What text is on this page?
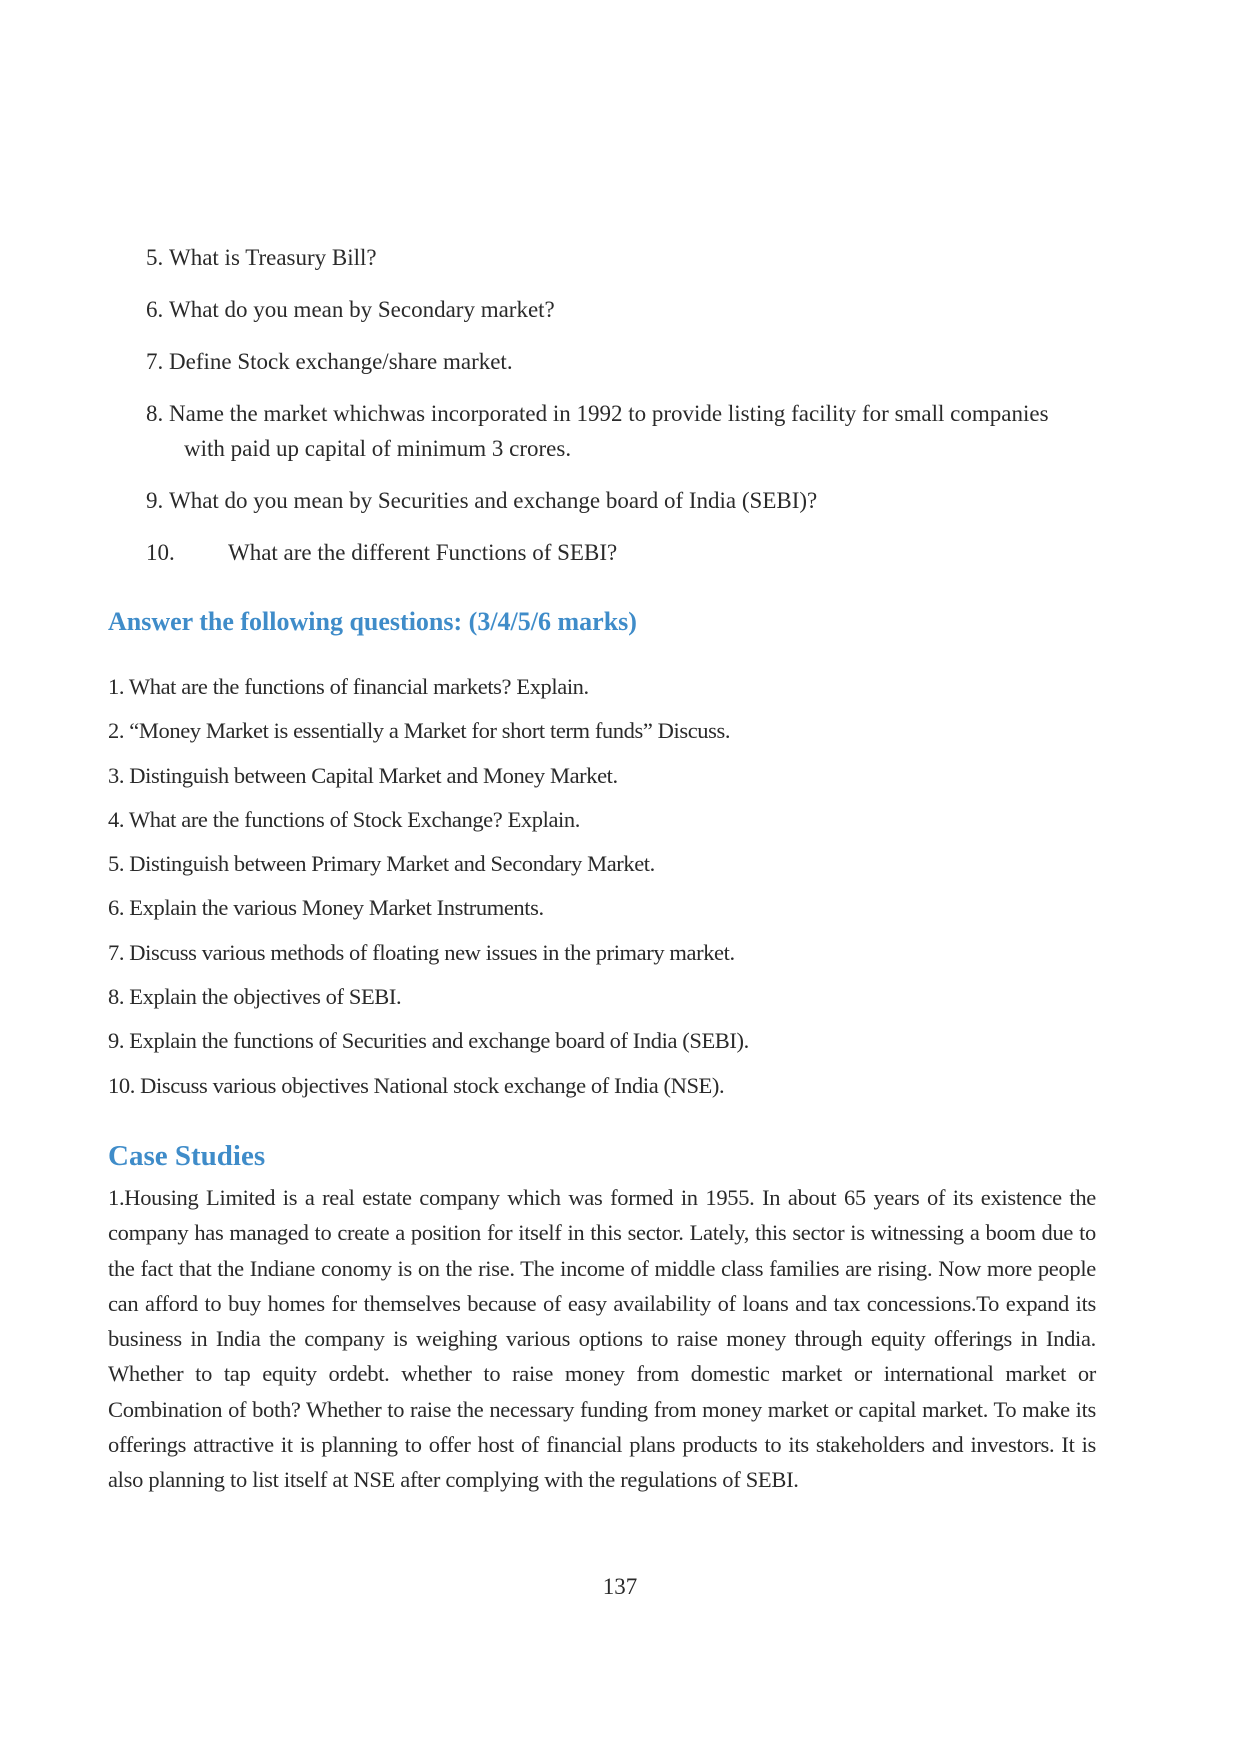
5. What is Treasury Bill?
6. What do you mean by Secondary market?
7. Define Stock exchange/share market.
8. Name the market whichwas incorporated in 1992 to provide listing facility for small companies
with paid up capital of minimum 3 crores.
9. What do you mean by Securities and exchange board of India (SEBI)?
10. What are the different Functions of SEBI?
Answer the following questions: (3/4/5/6 marks)
1. What are the functions of financial markets? Explain.
2. “Money Market is essentially a Market for short term funds” Discuss.
3. Distinguish between Capital Market and Money Market.
4. What are the functions of Stock Exchange? Explain.
5. Distinguish between Primary Market and Secondary Market.
6. Explain the various Money Market Instruments.
7. Discuss various methods of floating new issues in the primary market.
8. Explain the objectives of SEBI.
9. Explain the functions of Securities and exchange board of India (SEBI).
10. Discuss various objectives National stock exchange of India (NSE).
Case Studies

1.Housing Limited is a real estate company which was formed in 1955. In about 65 years of its existence the company has managed to create a position for itself in this sector. Lately, this sector is witnessing a boom due to the fact that the Indiane conomy is on the rise. The income of middle class families are rising. Now more people can afford to buy homes for themselves because of easy availability of loans and tax concessions.To expand its business in India the company is weighing various options to raise money through equity offerings in India. Whether to tap equity ordebt. whether to raise money from domestic market or international market or Combination of both? Whether to raise the necessary funding from money market or capital market. To make its offerings attractive it is planning to offer host of financial plans products to its stakeholders and investors. It is also planning to list itself at NSE after complying with the regulations of SEBI.

137
